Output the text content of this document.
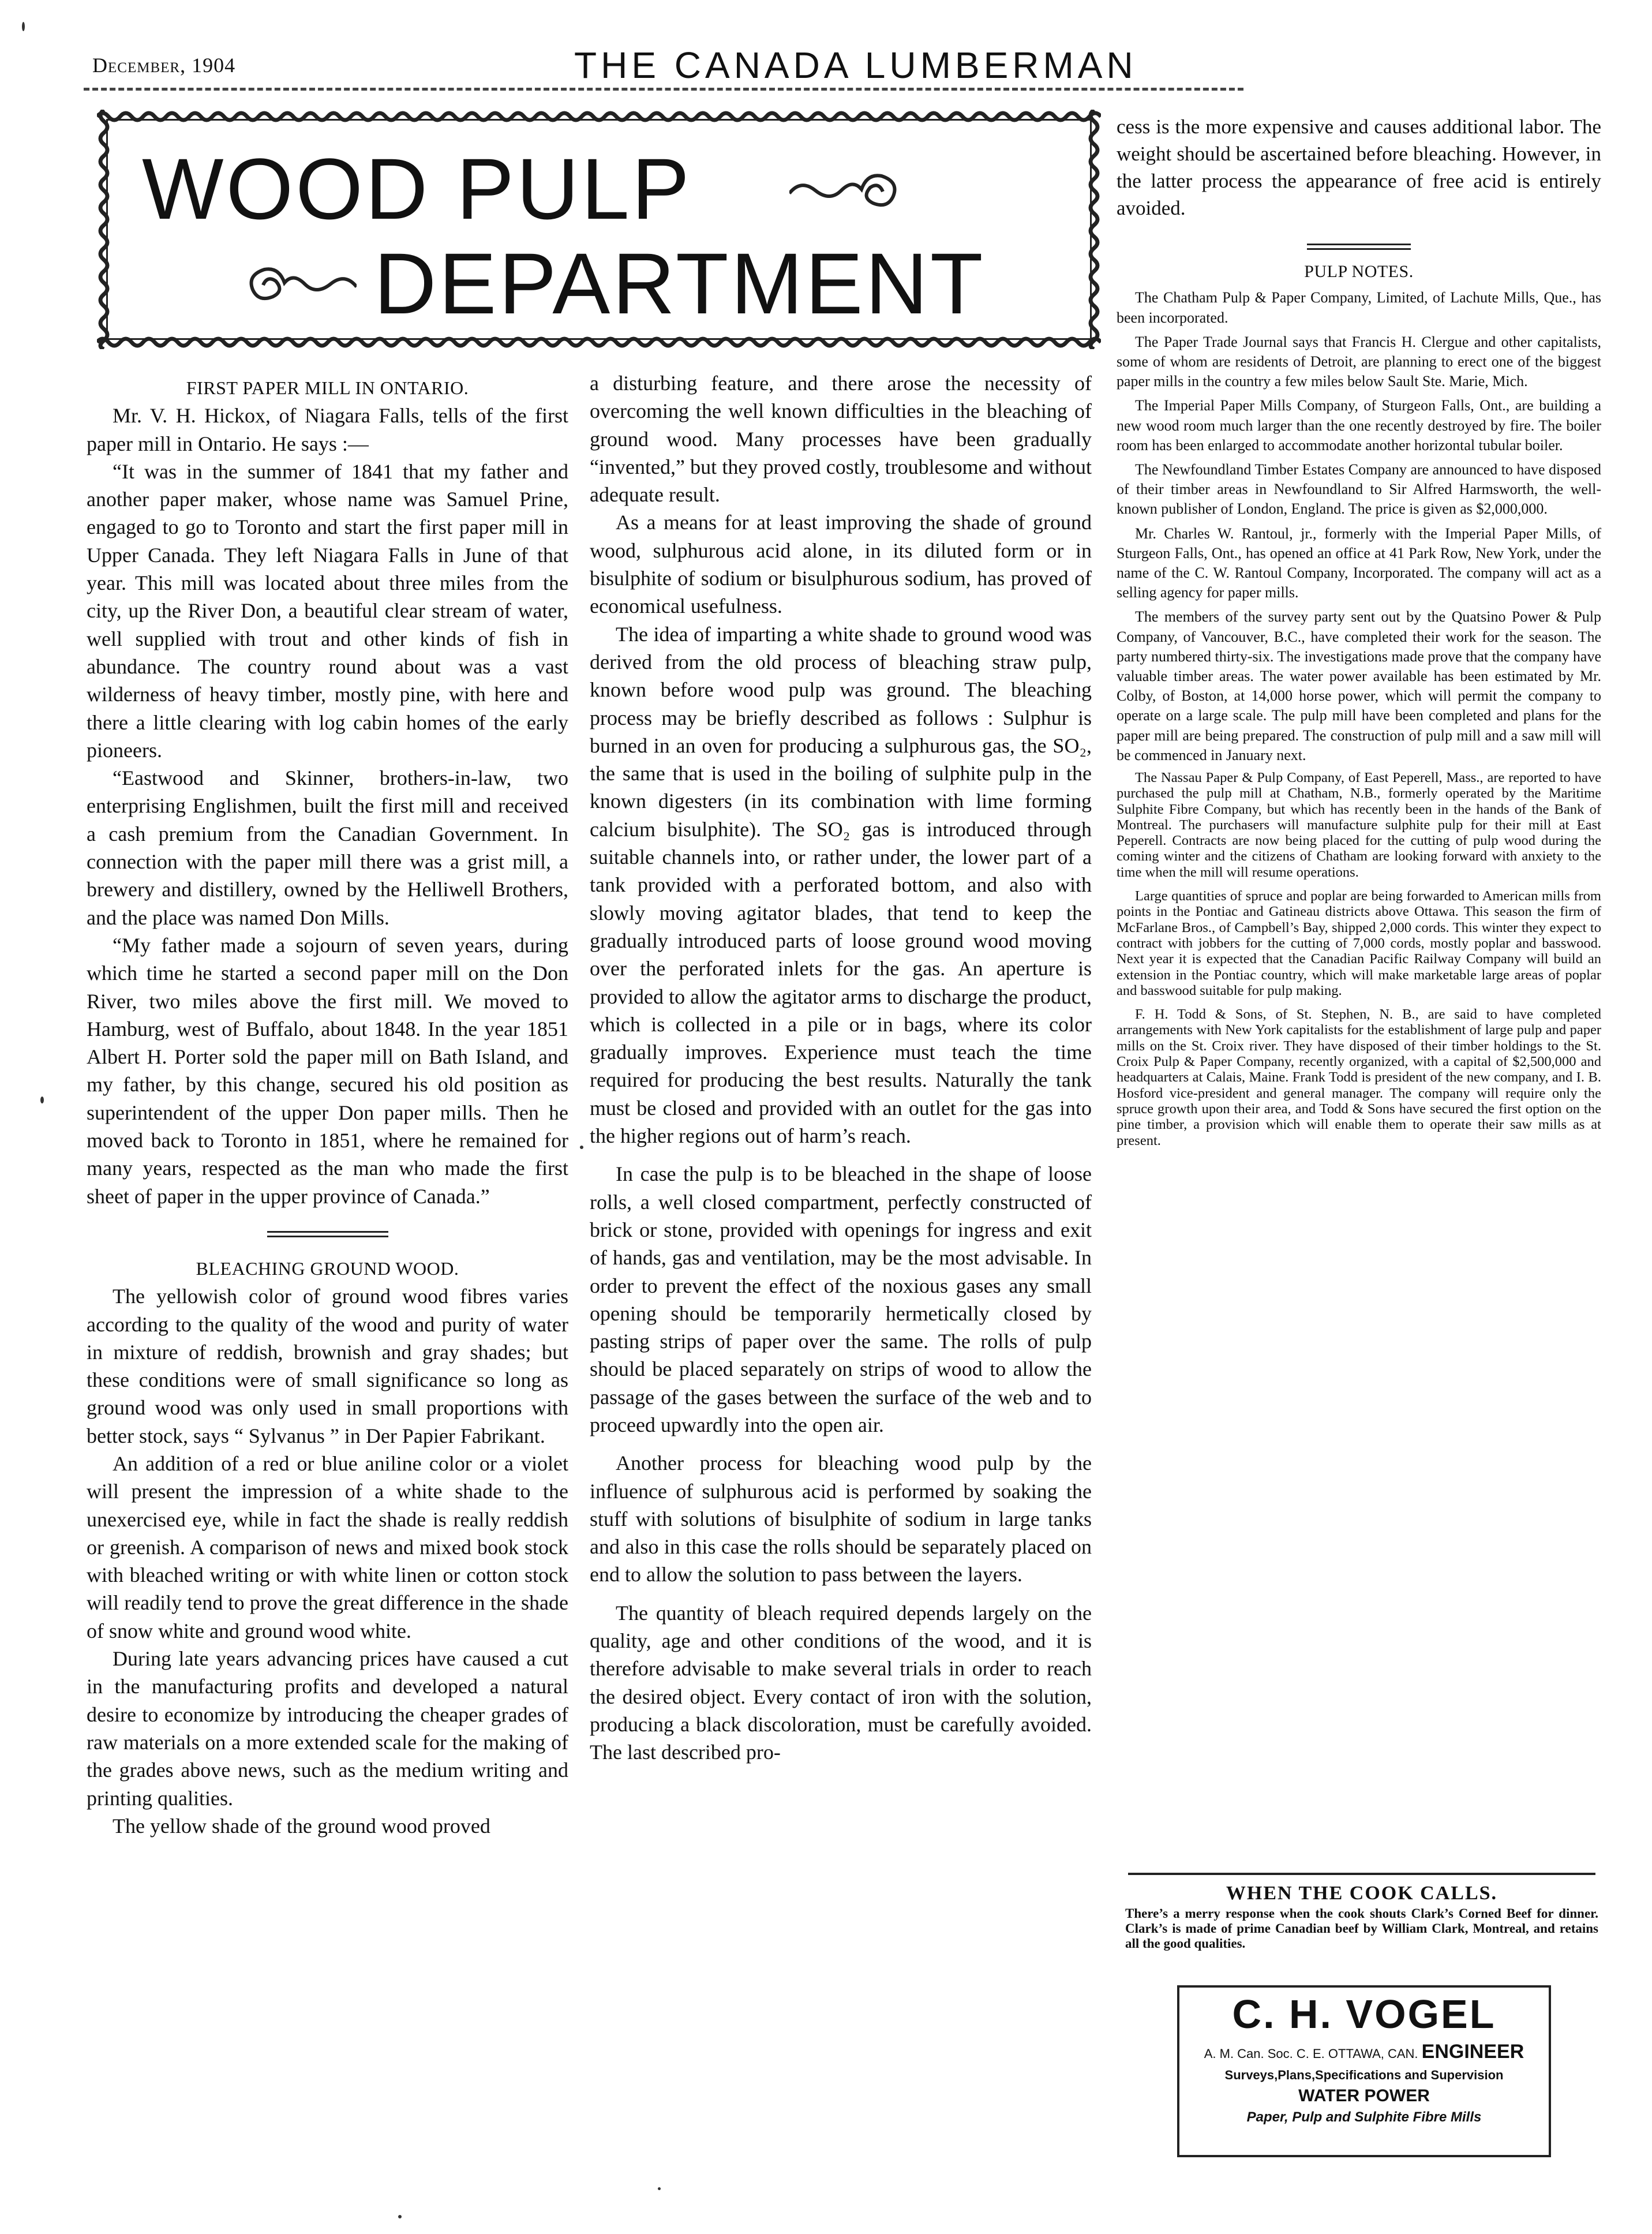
December, 1904	THE CANADA LUMBERMAN
WOOD PULP
DEPARTMENT
FIRST PAPER MILL IN ONTARIO.

Mr. V. H. Hickox, of Niagara Falls, tells of the first paper mill in Ontario. He says :—

“It was in the summer of 1841 that my father and another paper maker, whose name was Samuel Prine, engaged to go to Toronto and start the first paper mill in Upper Canada. They left Niagara Falls in June of that year. This mill was located about three miles from the city, up the River Don, a beautiful clear stream of water, well supplied with trout and other kinds of fish in abundance. The country round about was a vast wilderness of heavy timber, mostly pine, with here and there a little clearing with log cabin homes of the early pioneers.

“Eastwood and Skinner, brothers-in-law, two enterprising Englishmen, built the first mill and received a cash premium from the Canadian Government. In connection with the paper mill there was a grist mill, a brewery and distillery, owned by the Helliwell Brothers, and the place was named Don Mills.

“My father made a sojourn of seven years, during which time he started a second paper mill on the Don River, two miles above the first mill. We moved to Hamburg, west of Buffalo, about 1848. In the year 1851 Albert H. Porter sold the paper mill on Bath Island, and my father, by this change, secured his old position as superintendent of the upper Don paper mills. Then he moved back to Toronto in 1851, where he remained for many years, respected as the man who made the first sheet of paper in the upper province of Canada.”

BLEACHING GROUND WOOD.

The yellowish color of ground wood fibres varies according to the quality of the wood and purity of water in mixture of reddish, brownish and gray shades; but these conditions were of small significance so long as ground wood was only used in small proportions with better stock, says “ Sylvanus ” in Der Papier Fabrikant.

An addition of a red or blue aniline color or a violet will present the impression of a white shade to the unexercised eye, while in fact the shade is really reddish or greenish. A comparison of news and mixed book stock with bleached writing or with white linen or cotton stock will readily tend to prove the great difference in the shade of snow white and ground wood white.

During late years advancing prices have caused a cut in the manufacturing profits and developed a natural desire to economize by introducing the cheaper grades of raw materials on a more extended scale for the making of the grades above news, such as the medium writing and printing qualities.

The yellow shade of the ground wood proved

a disturbing feature, and there arose the necessity of overcoming the well known difficulties in the bleaching of ground wood. Many processes have been gradually “invented,” but they proved costly, troublesome and without adequate result.

As a means for at least improving the shade of ground wood, sulphurous acid alone, in its diluted form or in bisulphite of sodium or bisulphurous sodium, has proved of economical usefulness.

The idea of imparting a white shade to ground wood was derived from the old process of bleaching straw pulp, known before wood pulp was ground. The bleaching process may be briefly described as follows : Sulphur is burned in an oven for producing a sulphurous gas, the SO₂, the same that is used in the boiling of sulphite pulp in the known digesters (in its combination with lime forming calcium bisulphite). The SO₂ gas is introduced through suitable channels into, or rather under, the lower part of a tank provided with a perforated bottom, and also with slowly moving agitator blades, that tend to keep the gradually introduced parts of loose ground wood moving over the perforated inlets for the gas. An aperture is provided to allow the agitator arms to discharge the product, which is collected in a pile or in bags, where its color gradually improves. Experience must teach the time required for producing the best results. Naturally the tank must be closed and provided with an outlet for the gas into the higher regions out of harm’s reach.

In case the pulp is to be bleached in the shape of loose rolls, a well closed compartment, perfectly constructed of brick or stone, provided with openings for ingress and exit of hands, gas and ventilation, may be the most advisable. In order to prevent the effect of the noxious gases any small opening should be temporarily hermetically closed by pasting strips of paper over the same. The rolls of pulp should be placed separately on strips of wood to allow the passage of the gases between the surface of the web and to proceed upwardly into the open air.

Another process for bleaching wood pulp by the influence of sulphurous acid is performed by soaking the stuff with solutions of bisulphite of sodium in large tanks and also in this case the rolls should be separately placed on end to allow the solution to pass between the layers.

The quantity of bleach required depends largely on the quality, age and other conditions of the wood, and it is therefore advisable to make several trials in order to reach the desired object. Every contact of iron with the solution, producing a black discoloration, must be carefully avoided. The last described pro-

cess is the more expensive and causes additional labor. The weight should be ascertained before bleaching. However, in the latter process the appearance of free acid is entirely avoided.

PULP NOTES.

The Chatham Pulp & Paper Company, Limited, of Lachute Mills, Que., has been incorporated.

The Paper Trade Journal says that Francis H. Clergue and other capitalists, some of whom are residents of Detroit, are planning to erect one of the biggest paper mills in the country a few miles below Sault Ste. Marie, Mich.

The Imperial Paper Mills Company, of Sturgeon Falls, Ont., are building a new wood room much larger than the one recently destroyed by fire. The boiler room has been enlarged to accommodate another horizontal tubular boiler.

The Newfoundland Timber Estates Company are announced to have disposed of their timber areas in Newfoundland to Sir Alfred Harmsworth, the well-known publisher of London, England. The price is given as $2,000,000.

Mr. Charles W. Rantoul, jr., formerly with the Imperial Paper Mills, of Sturgeon Falls, Ont., has opened an office at 41 Park Row, New York, under the name of the C. W. Rantoul Company, Incorporated. The company will act as a selling agency for paper mills.

The members of the survey party sent out by the Quatsino Power & Pulp Company, of Vancouver, B.C., have completed their work for the season. The party numbered thirty-six. The investigations made prove that the company have valuable timber areas. The water power available has been estimated by Mr. Colby, of Boston, at 14,000 horse power, which will permit the company to operate on a large scale. The pulp mill have been completed and plans for the paper mill are being prepared. The construction of pulp mill and a saw mill will be commenced in January next.

The Nassau Paper & Pulp Company, of East Peperell, Mass., are reported to have purchased the pulp mill at Chatham, N.B., formerly operated by the Maritime Sulphite Fibre Company, but which has recently been in the hands of the Bank of Montreal. The purchasers will manufacture sulphite pulp for their mill at East Peperell. Contracts are now being placed for the cutting of pulp wood during the coming winter and the citizens of Chatham are looking forward with anxiety to the time when the mill will resume operations.

Large quantities of spruce and poplar are being forwarded to American mills from points in the Pontiac and Gatineau districts above Ottawa. This season the firm of McFarlane Bros., of Campbell’s Bay, shipped 2,000 cords. This winter they expect to contract with jobbers for the cutting of 7,000 cords, mostly poplar and basswood. Next year it is expected that the Canadian Pacific Railway Company will build an extension in the Pontiac country, which will make marketable large areas of poplar and basswood suitable for pulp making.

F. H. Todd & Sons, of St. Stephen, N. B., are said to have completed arrangements with New York capitalists for the establishment of large pulp and paper mills on the St. Croix river. They have disposed of their timber holdings to the St. Croix Pulp & Paper Company, recently organized, with a capital of $2,500,000 and headquarters at Calais, Maine. Frank Todd is president of the new company, and I. B. Hosford vice-president and general manager. The company will require only the spruce growth upon their area, and Todd & Sons have secured the first option on the pine timber, a provision which will enable them to operate their saw mills as at present.

WHEN THE COOK CALLS.
There’s a merry response when the cook shouts Clark’s Corned Beef for dinner. Clark’s is made of prime Canadian beef by William Clark, Montreal, and retains all the good qualities.
C. H. VOGEL
A. M. Can. Soc. C. E. OTTAWA, CAN. ENGINEER
Surveys,Plans,Specifications and Supervision
WATER POWER
Paper, Pulp and Sulphite Fibre Mills
